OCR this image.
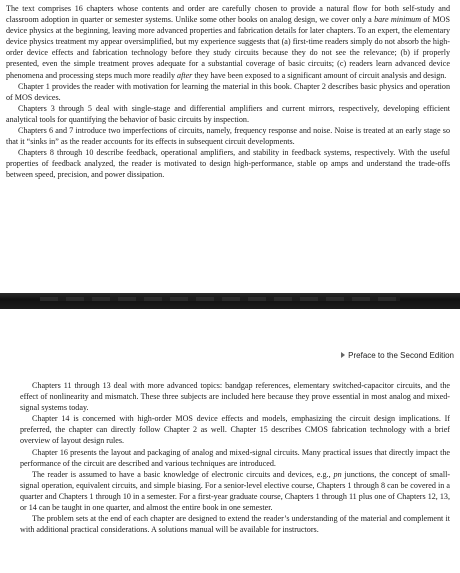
The text comprises 16 chapters whose contents and order are carefully chosen to provide a natural flow for both self-study and classroom adoption in quarter or semester systems. Unlike some other books on analog design, we cover only a bare minimum of MOS device physics at the beginning, leaving more advanced properties and fabrication details for later chapters. To an expert, the elementary device physics treatment my appear oversimplified, but my experience suggests that (a) first-time readers simply do not absorb the high-order device effects and fabrication technology before they study circuits because they do not see the relevance; (b) if properly presented, even the simple treatment proves adequate for a substantial coverage of basic circuits; (c) readers learn advanced device phenomena and processing steps much more readily after they have been exposed to a significant amount of circuit analysis and design.

Chapter 1 provides the reader with motivation for learning the material in this book. Chapter 2 describes basic physics and operation of MOS devices.

Chapters 3 through 5 deal with single-stage and differential amplifiers and current mirrors, respectively, developing efficient analytical tools for quantifying the behavior of basic circuits by inspection.

Chapters 6 and 7 introduce two imperfections of circuits, namely, frequency response and noise. Noise is treated at an early stage so that it “sinks in” as the reader accounts for its effects in subsequent circuit developments.

Chapters 8 through 10 describe feedback, operational amplifiers, and stability in feedback systems, respectively. With the useful properties of feedback analyzed, the reader is motivated to design high-performance, stable op amps and understand the trade-offs between speed, precision, and power dissipation.

Preface to the Second Edition

Chapters 11 through 13 deal with more advanced topics: bandgap references, elementary switched-capacitor circuits, and the effect of nonlinearity and mismatch. These three subjects are included here because they prove essential in most analog and mixed-signal systems today.

Chapter 14 is concerned with high-order MOS device effects and models, emphasizing the circuit design implications. If preferred, the chapter can directly follow Chapter 2 as well. Chapter 15 describes CMOS fabrication technology with a brief overview of layout design rules.

Chapter 16 presents the layout and packaging of analog and mixed-signal circuits. Many practical issues that directly impact the performance of the circuit are described and various techniques are introduced.

The reader is assumed to have a basic knowledge of electronic circuits and devices, e.g., pn junctions, the concept of small-signal operation, equivalent circuits, and simple biasing. For a senior-level elective course, Chapters 1 through 8 can be covered in a quarter and Chapters 1 through 10 in a semester. For a first-year graduate course, Chapters 1 through 11 plus one of Chapters 12, 13, or 14 can be taught in one quarter, and almost the entire book in one semester.

The problem sets at the end of each chapter are designed to extend the reader’s understanding of the material and complement it with additional practical considerations. A solutions manual will be available for instructors.
